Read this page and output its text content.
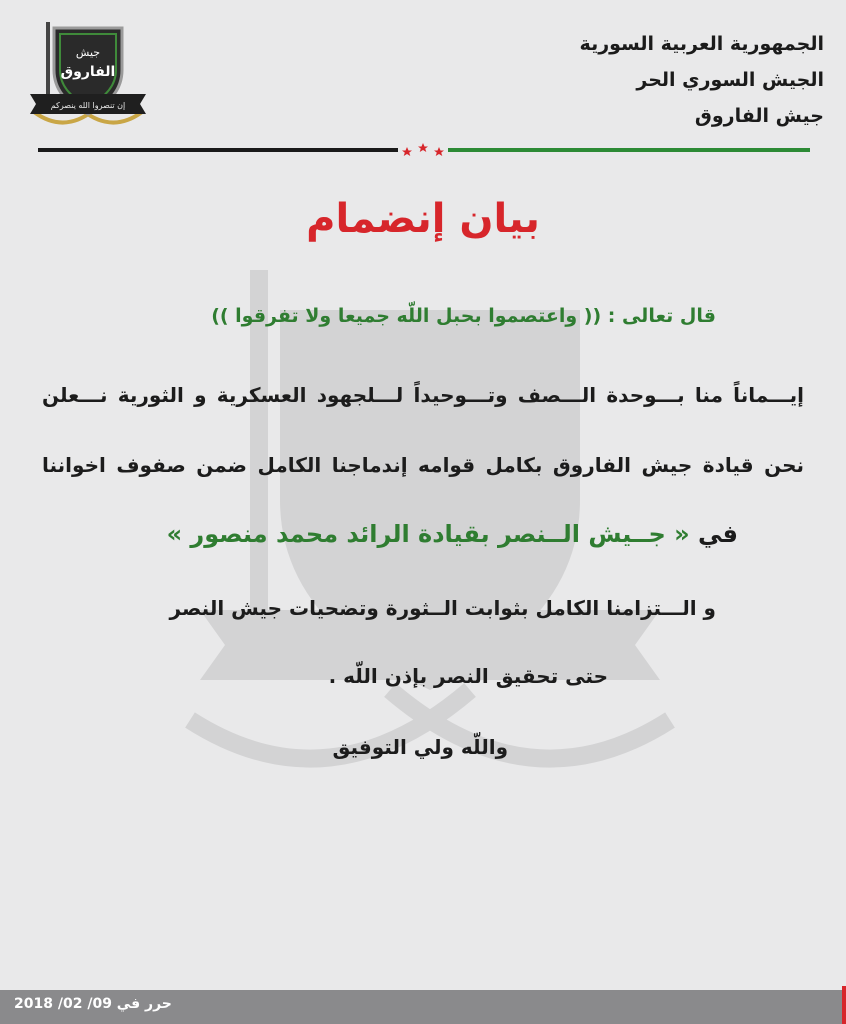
جيش
الفاروق
إن تنصروا الله ينصركم
الجمهورية العربية السورية
الجيش السوري الحر
جيش الفاروق
بيان إنضمام
قال تعالى : (( واعتصموا بحبل اللّه جميعا ولا تفرقوا ))
إيـــماناً منا بـــوحدة الـــصف وتـــوحيداً لـــلجهود العسكرية و الثورية نـــعلن
نحن قيادة جيش الفاروق بكامل قوامه إندماجنا الكامل ضمن صفوف اخواننا
في « جــيش الــنصر بقيادة الرائد محمد منصور »
و الـــتزامنا الكامل بثوابت الــثورة وتضحيات جيش النصر
حتى تحقيق النصر بإذن اللّه .
واللّه ولي التوفيق
حرر في 09/ 02/ 2018
